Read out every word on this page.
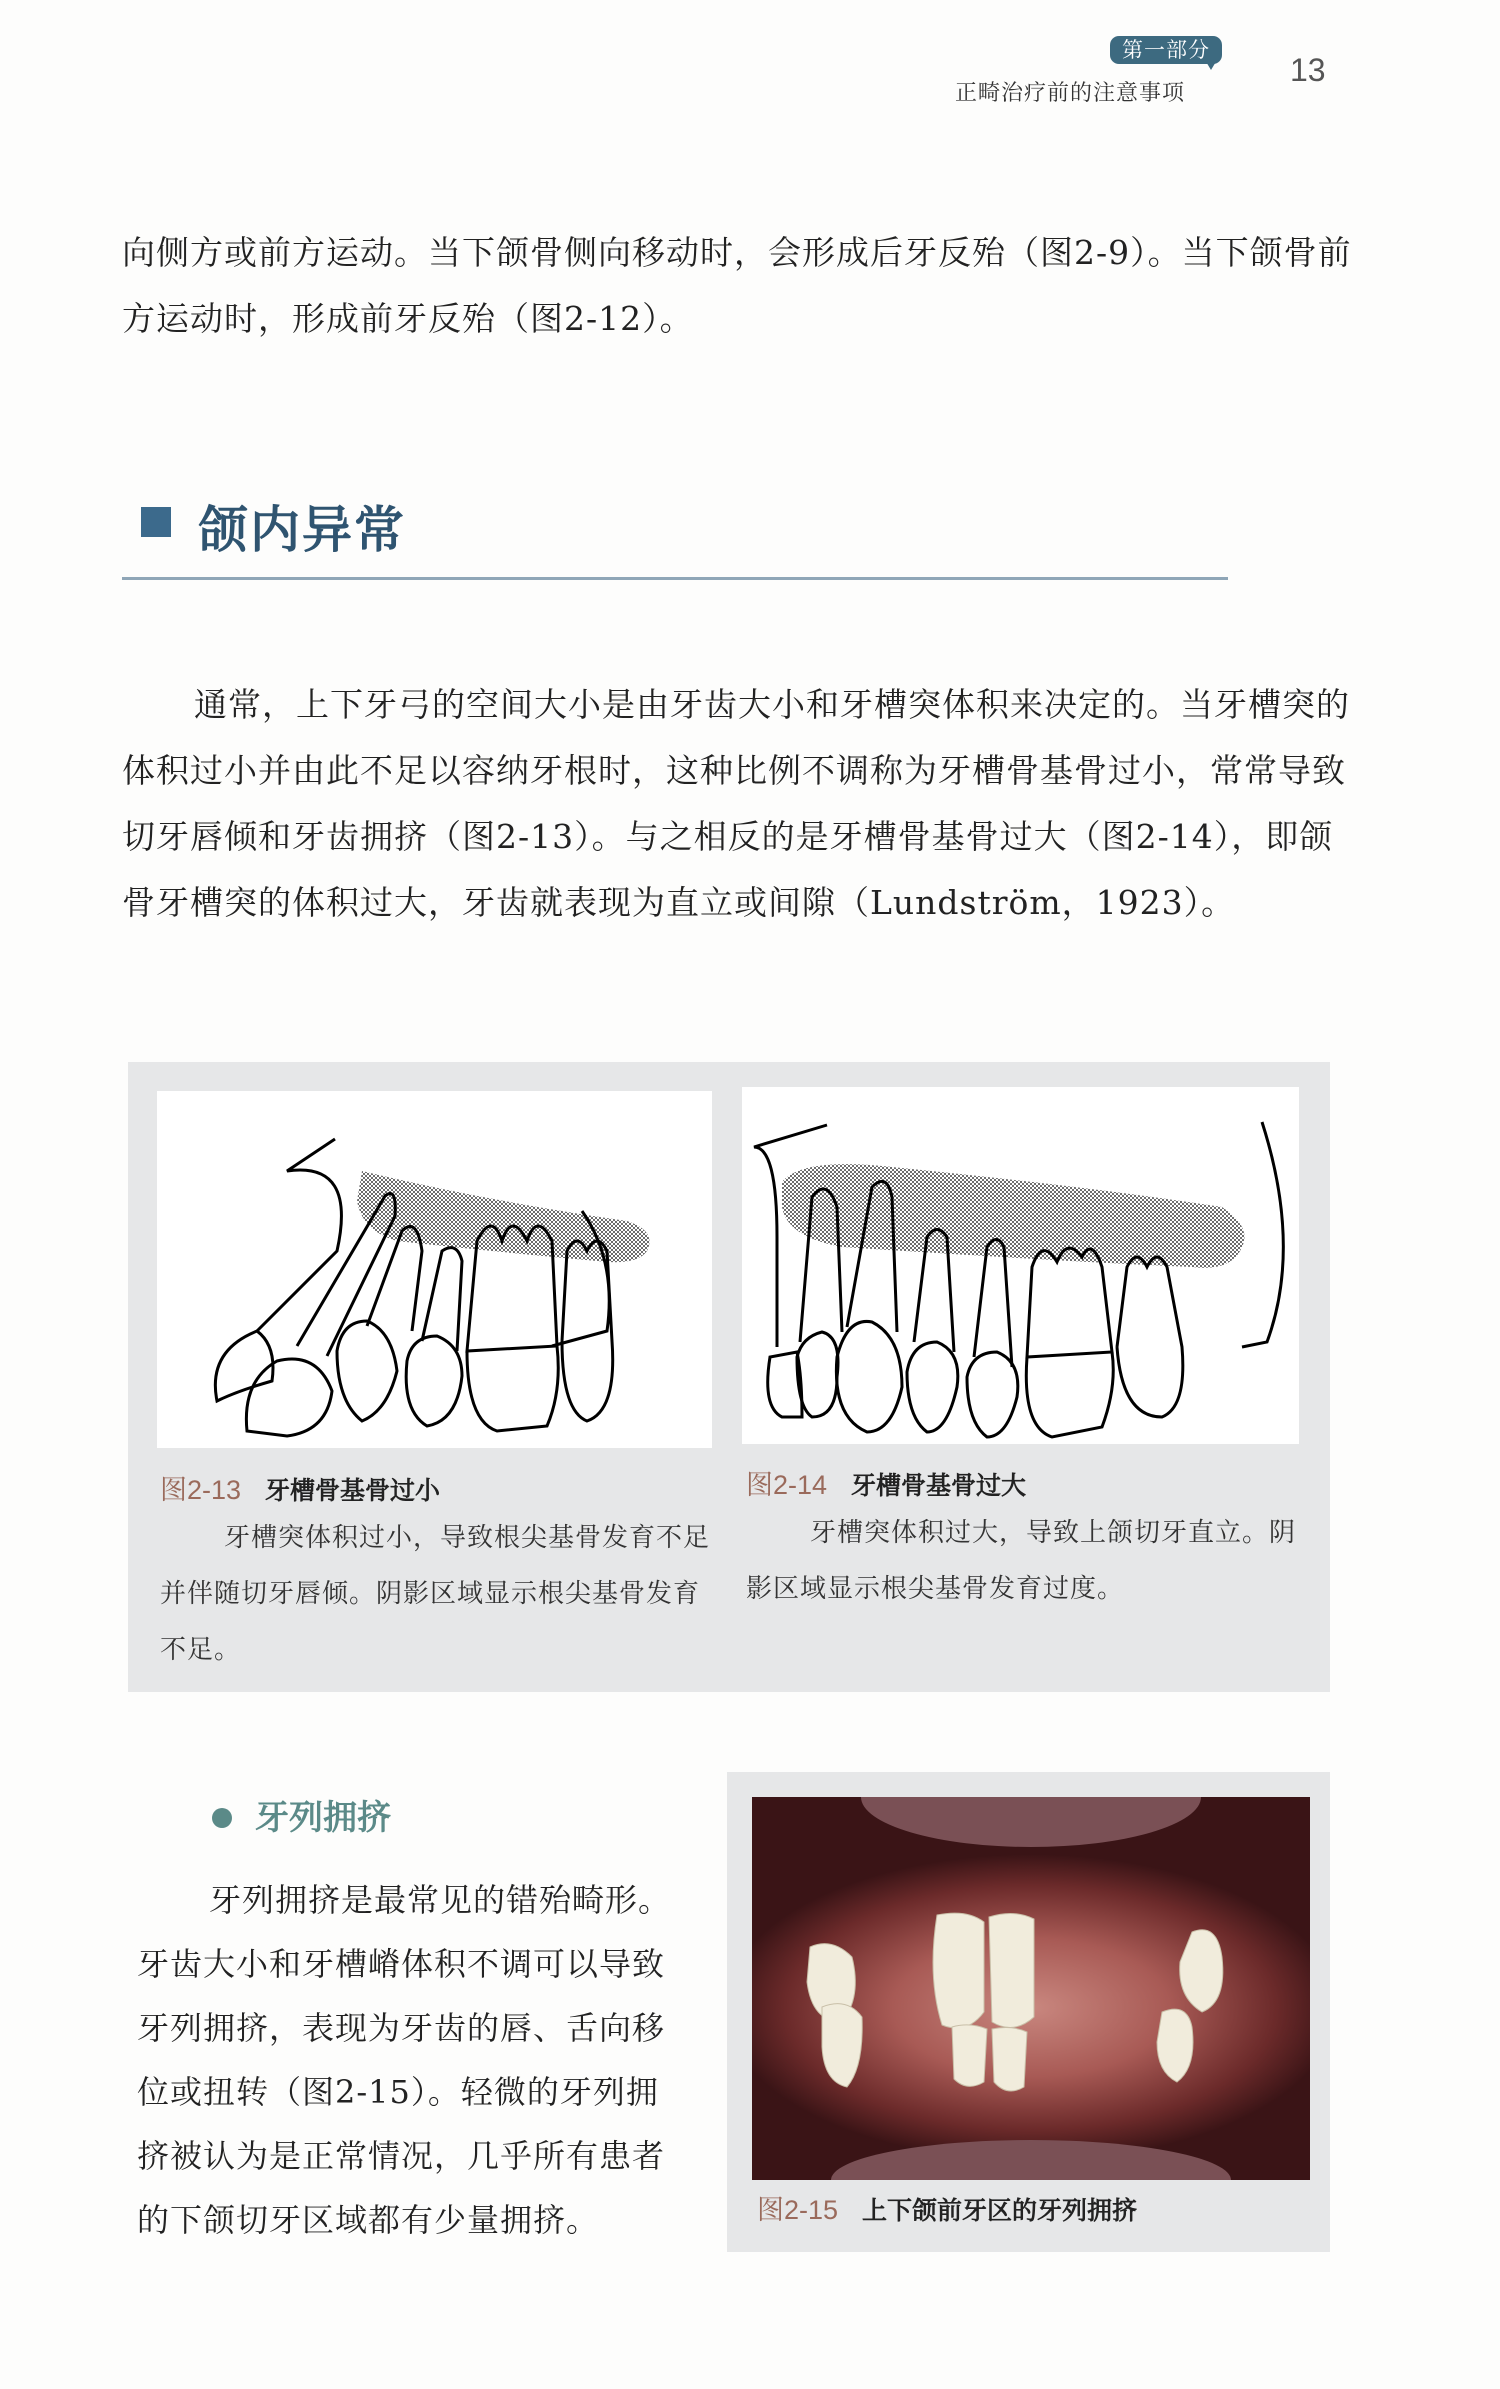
第一部分
正畸治疗前的注意事项
13
向侧方或前方运动。当下颌骨侧向移动时，会形成后牙反殆（图2-9）。当下颌骨前方运动时，形成前牙反殆（图2-12）。
颌内异常
通常，上下牙弓的空间大小是由牙齿大小和牙槽突体积来决定的。当牙槽突的体积过小并由此不足以容纳牙根时，这种比例不调称为牙槽骨基骨过小，常常导致切牙唇倾和牙齿拥挤（图2-13）。与之相反的是牙槽骨基骨过大（图2-14），即颌骨牙槽突的体积过大，牙齿就表现为直立或间隙（Lundström，1923）。
图2-13 牙槽骨基骨过小
牙槽突体积过小，导致根尖基骨发育不足并伴随切牙唇倾。阴影区域显示根尖基骨发育不足。
图2-14 牙槽骨基骨过大
牙槽突体积过大，导致上颌切牙直立。阴影区域显示根尖基骨发育过度。
牙列拥挤
牙列拥挤是最常见的错殆畸形。牙齿大小和牙槽嵴体积不调可以导致牙列拥挤，表现为牙齿的唇、舌向移位或扭转（图2-15）。轻微的牙列拥挤被认为是正常情况，几乎所有患者的下颌切牙区域都有少量拥挤。	图2-15 上下颌前牙区的牙列拥挤
